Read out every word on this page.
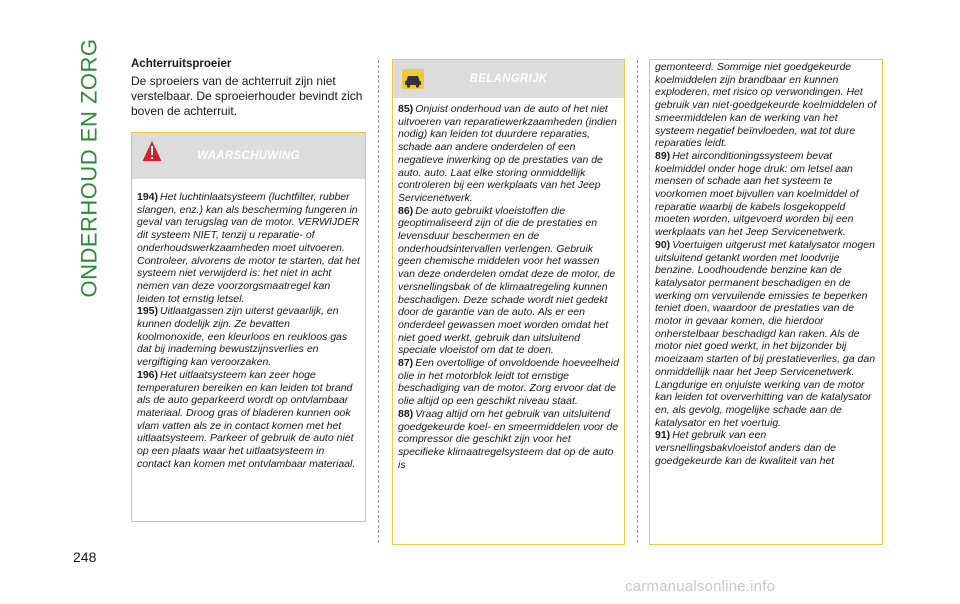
ONDERHOUD EN ZORG
248
Achterruitsproeier
De sproeiers van de achterruit zijn niet verstelbaar. De sproeierhouder bevindt zich boven de achterruit.
WAARSCHUWING

194) Het luchtinlaatsysteem (luchtfilter, rubber slangen, enz.) kan als bescherming fungeren in geval van terugslag van de motor. VERWIJDER dit systeem NIET, tenzij u reparatie- of onderhoudswerkzaamheden moet uitvoeren. Controleer, alvorens de motor te starten, dat het systeem niet verwijderd is: het niet in acht nemen van deze voorzorgsmaatregel kan leiden tot ernstig letsel.

195) Uitlaatgassen zijn uiterst gevaarlijk, en kunnen dodelijk zijn. Ze bevatten koolmonoxide, een kleurloos en reukloos gas dat bij inademing bewustzijnsverlies en vergiftiging kan veroorzaken.

196) Het uitlaatsysteem kan zeer hoge temperaturen bereiken en kan leiden tot brand als de auto geparkeerd wordt op ontvlambaar materiaal. Droog gras of bladeren kunnen ook vlam vatten als ze in contact komen met het uitlaatsysteem. Parkeer of gebruik de auto niet op een plaats waar het uitlaatsysteem in contact kan komen met ontvlambaar materiaal.

BELANGRIJK

85) Onjuist onderhoud van de auto of het niet uitvoeren van reparatiewerkzaamheden (indien nodig) kan leiden tot duurdere reparaties, schade aan andere onderdelen of een negatieve inwerking op de prestaties van de auto. auto. Laat elke storing onmiddellijk controleren bij een werkplaats van het Jeep Servicenetwerk.

86) De auto gebruikt vloeistoffen die geoptimaliseerd zijn of die de prestaties en levensduur beschermen en de onderhoudsintervallen verlengen. Gebruik geen chemische middelen voor het wassen van deze onderdelen omdat deze de motor, de versnellingsbak of de klimaatregeling kunnen beschadigen. Deze schade wordt niet gedekt door de garantie van de auto. Als er een onderdeel gewassen moet worden omdat het niet goed werkt, gebruik dan uitsluitend speciale vloeistof om dat te doen.

87) Een overtollige of onvoldoende hoeveelheid olie in het motorblok leidt tot ernstige beschadiging van de motor. Zorg ervoor dat de olie altijd op een geschikt niveau staat.

88) Vraag altijd om het gebruik van uitsluitend goedgekeurde koel- en smeermiddelen voor de compressor die geschikt zijn voor het specifieke klimaatregelsysteem dat op de auto is

gemonteerd. Sommige niet goedgekeurde koelmiddelen zijn brandbaar en kunnen exploderen, met risico op verwondingen. Het gebruik van niet-goedgekeurde koelmiddelen of smeermiddelen kan de werking van het systeem negatief beïnvloeden, wat tot dure reparaties leidt.

89) Het airconditioningssysteem bevat koelmiddel onder hoge druk: om letsel aan mensen of schade aan het systeem te voorkomen moet bijvullen van koelmiddel of reparatie waarbij de kabels losgekoppeld moeten worden, uitgevoerd worden bij een werkplaats van het Jeep Servicenetwerk.

90) Voertuigen uitgerust met katalysator mogen uitsluitend getankt worden met loodvrije benzine. Loodhoudende benzine kan de katalysator permanent beschadigen en de werking om vervuilende emissies te beperken teniet doen, waardoor de prestaties van de motor in gevaar komen, die hierdoor onherstelbaar beschadigd kan raken. Als de motor niet goed werkt, in het bijzonder bij moeizaam starten of bij prestatieverlies, ga dan onmiddellijk naar het Jeep Servicenetwerk. Langdurige en onjuiste werking van de motor kan leiden tot oververhitting van de katalysator en, als gevolg, mogelijke schade aan de katalysator en het voertuig.

91) Het gebruik van een versnellingsbakvloeistof anders dan de goedgekeurde kan de kwaliteit van het

carmanualsonline.info
